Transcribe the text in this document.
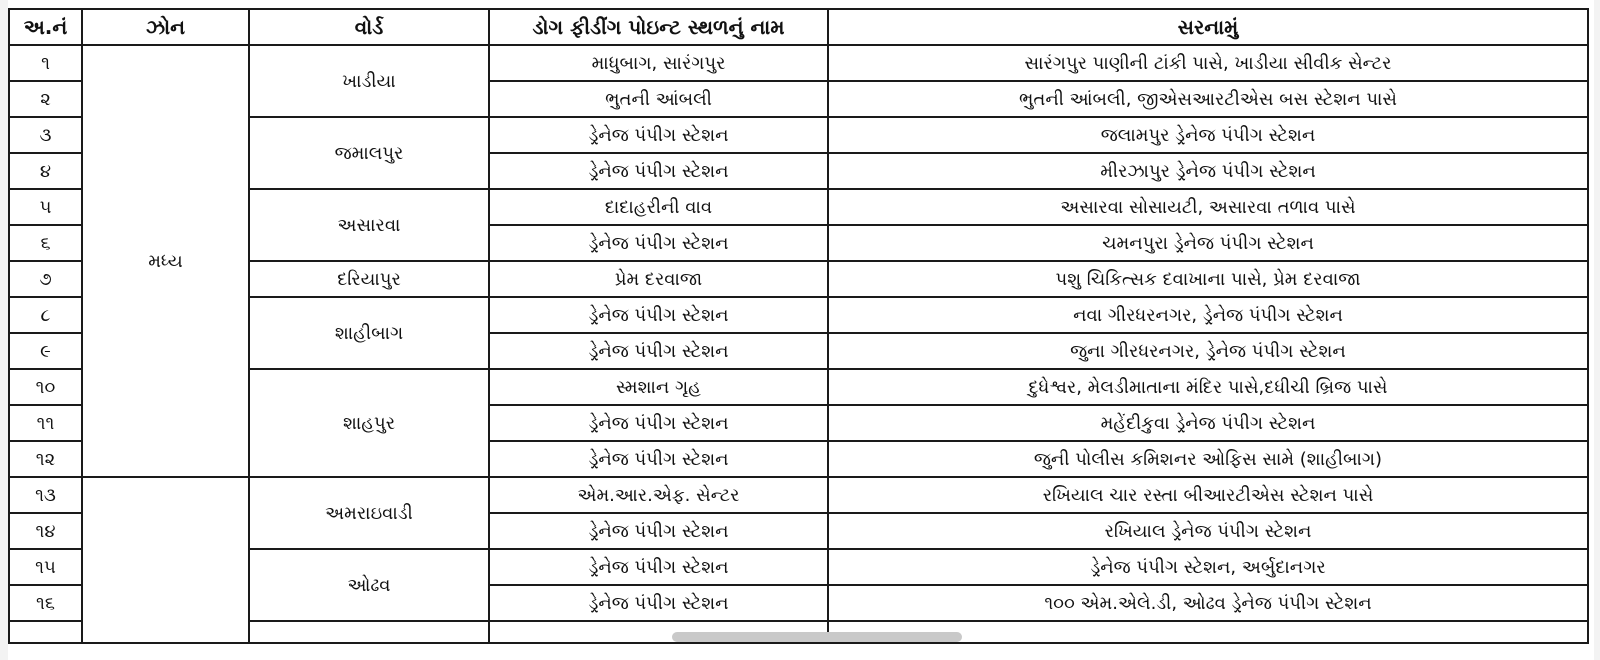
અ.નં	ઝોન	વોર્ડ	ડોગ ફીડીંગ પોઇન્ટ સ્થળનું નામ	સરનામું
૧	મધ્ય	ખાડીયા	માધુબાગ, સારંગપુર	સારંગપુર પાણીની ટાંકી પાસે, ખાડીયા સીવીક સેન્ટર
૨			ભુતની આંબલી	ભુતની આંબલી, જીએસઆરટીએસ બસ સ્ટેશન પાસે
૩		જમાલપુર	ડ્રેનેજ પંપીગ સ્ટેશન	જલામપુર ડ્રેનેજ પંપીગ સ્ટેશન
૪			ડ્રેનેજ પંપીગ સ્ટેશન	મીરઝાપુર ડ્રેનેજ પંપીગ સ્ટેશન
૫		અસારવા	દાદાહરીની વાવ	અસારવા સોસાયટી, અસારવા તળાવ પાસે
૬			ડ્રેનેજ પંપીગ સ્ટેશન	ચમનપુરા ડ્રેનેજ પંપીગ સ્ટેશન
૭		દરિયાપુર	પ્રેમ દરવાજા	પશુ ચિકિત્સક દવાખાના પાસે, પ્રેમ દરવાજા
૮		શાહીબાગ	ડ્રેનેજ પંપીગ સ્ટેશન	નવા ગીરધરનગર, ડ્રેનેજ પંપીગ સ્ટેશન
૯			ડ્રેનેજ પંપીગ સ્ટેશન	જુના ગીરધરનગર, ડ્રેનેજ પંપીગ સ્ટેશન
૧૦		શાહપુર	સ્મશાન ગૃહ	દુધેશ્વર, મેલડીમાતાના મંદિર પાસે,દધીચી બ્રિજ પાસે
૧૧			ડ્રેનેજ પંપીગ સ્ટેશન	મહેંદીકુવા ડ્રેનેજ પંપીગ સ્ટેશન
૧૨			ડ્રેનેજ પંપીગ સ્ટેશન	જુની પોલીસ કમિશનર ઓફિસ સામે (શાહીબાગ)
૧૩		અમરાઇવાડી	એમ.આર.એફ. સેન્ટર	રખિયાલ ચાર રસ્તા બીઆરટીએસ સ્ટેશન પાસે
૧૪			ડ્રેનેજ પંપીગ સ્ટેશન	રખિયાલ ડ્રેનેજ પંપીગ સ્ટેશન
૧૫		ઓઢવ	ડ્રેનેજ પંપીગ સ્ટેશન	ડ્રેનેજ પંપીગ સ્ટેશન, અર્બુદાનગર
૧૬			ડ્રેનેજ પંપીગ સ્ટેશન	૧૦૦ એમ.એલે.ડી, ઓઢવ ડ્રેનેજ પંપીગ સ્ટેશન
